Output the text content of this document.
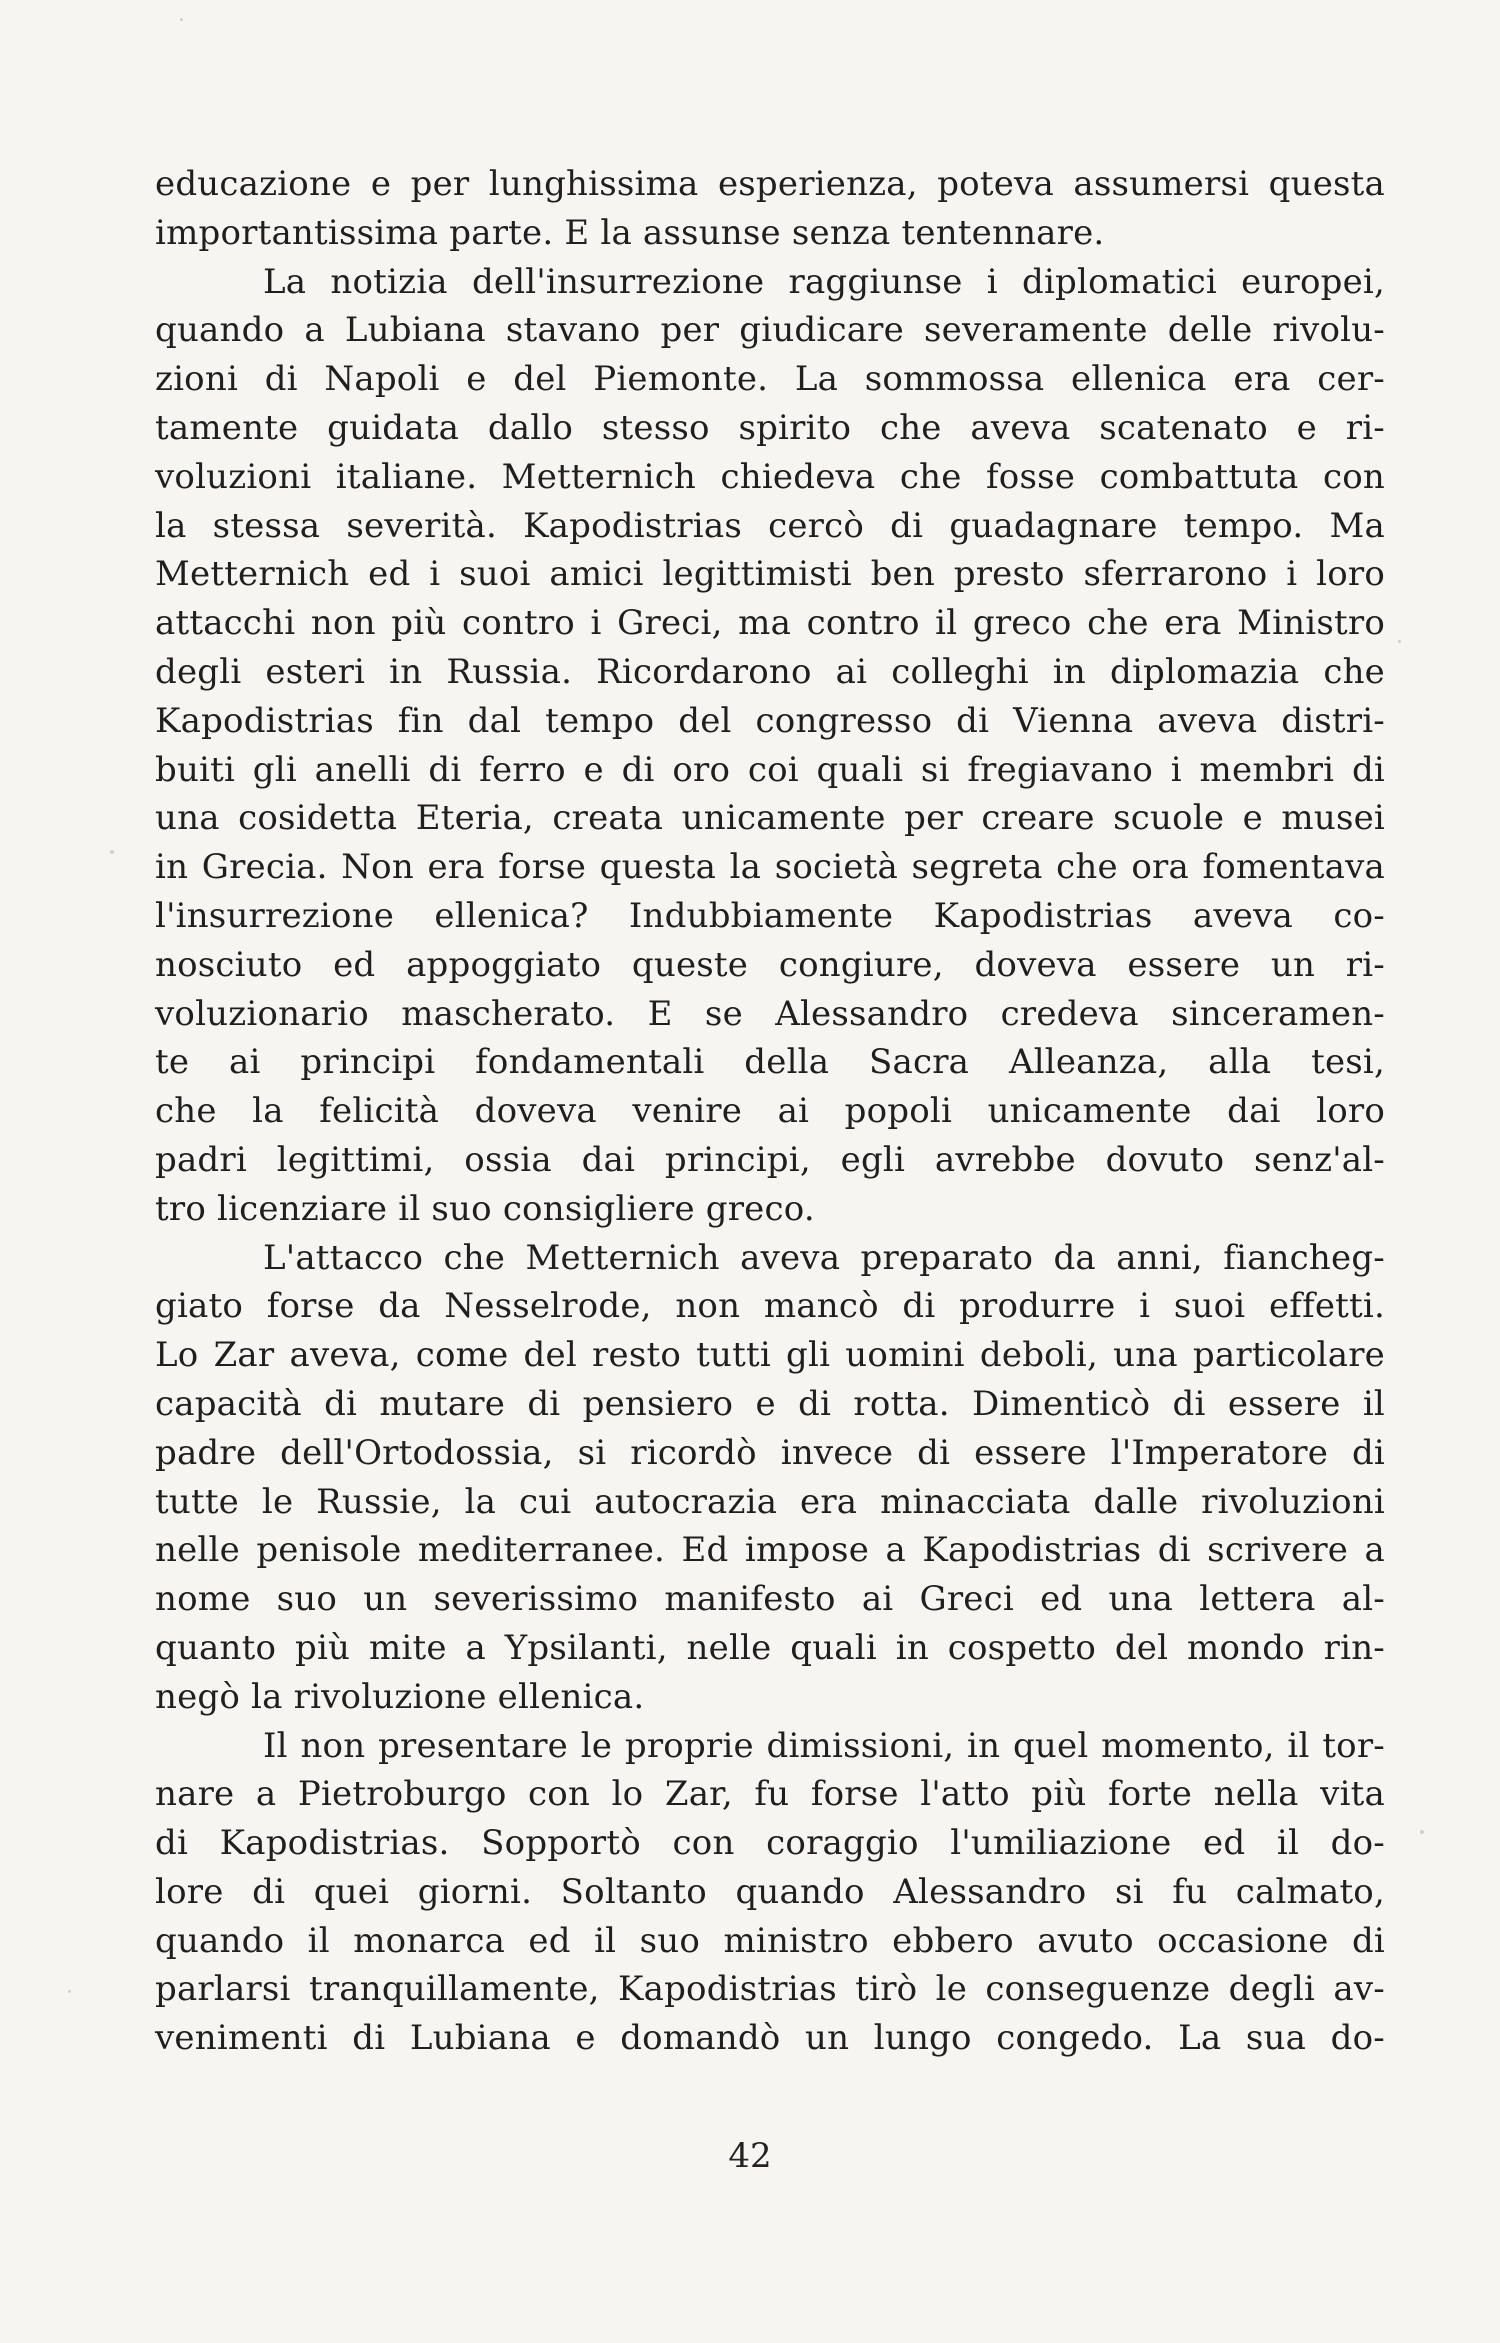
educazione e per lunghissima esperienza, poteva assumersi questa
importantissima parte. E la assunse senza tentennare.
La notizia dell'insurrezione raggiunse i diplomatici europei,
quando a Lubiana stavano per giudicare severamente delle rivolu-
zioni di Napoli e del Piemonte. La sommossa ellenica era cer-
tamente guidata dallo stesso spirito che aveva scatenato e ri-
voluzioni italiane. Metternich chiedeva che fosse combattuta con
la stessa severità. Kapodistrias cercò di guadagnare tempo. Ma
Metternich ed i suoi amici legittimisti ben presto sferrarono i loro
attacchi non più contro i Greci, ma contro il greco che era Ministro
degli esteri in Russia. Ricordarono ai colleghi in diplomazia che
Kapodistrias fin dal tempo del congresso di Vienna aveva distri-
buiti gli anelli di ferro e di oro coi quali si fregiavano i membri di
una cosidetta Eteria, creata unicamente per creare scuole e musei
in Grecia. Non era forse questa la società segreta che ora fomentava
l'insurrezione ellenica? Indubbiamente Kapodistrias aveva co-
nosciuto ed appoggiato queste congiure, doveva essere un ri-
voluzionario mascherato. E se Alessandro credeva sinceramen-
te ai principi fondamentali della Sacra Alleanza, alla tesi,
che la felicità doveva venire ai popoli unicamente dai loro
padri legittimi, ossia dai principi, egli avrebbe dovuto senz'al-
tro licenziare il suo consigliere greco.
L'attacco che Metternich aveva preparato da anni, fiancheg-
giato forse da Nesselrode, non mancò di produrre i suoi effetti.
Lo Zar aveva, come del resto tutti gli uomini deboli, una particolare
capacità di mutare di pensiero e di rotta. Dimenticò di essere il
padre dell'Ortodossia, si ricordò invece di essere l'Imperatore di
tutte le Russie, la cui autocrazia era minacciata dalle rivoluzioni
nelle penisole mediterranee. Ed impose a Kapodistrias di scrivere a
nome suo un severissimo manifesto ai Greci ed una lettera al-
quanto più mite a Ypsilanti, nelle quali in cospetto del mondo rin-
negò la rivoluzione ellenica.
Il non presentare le proprie dimissioni, in quel momento, il tor-
nare a Pietroburgo con lo Zar, fu forse l'atto più forte nella vita
di Kapodistrias. Sopportò con coraggio l'umiliazione ed il do-
lore di quei giorni. Soltanto quando Alessandro si fu calmato,
quando il monarca ed il suo ministro ebbero avuto occasione di
parlarsi tranquillamente, Kapodistrias tirò le conseguenze degli av-
venimenti di Lubiana e domandò un lungo congedo. La sua do-
42
